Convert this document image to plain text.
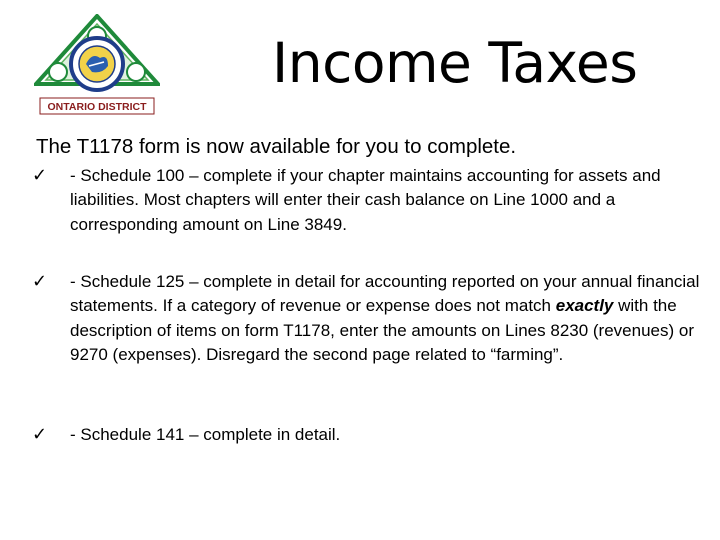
ONTARIO DISTRICT
Income Taxes
The T1178 form is now available for you to complete.
✓	- Schedule 100 – complete if your chapter maintains accounting for assets and liabilities. Most chapters will enter their cash balance on Line 1000 and a corresponding amount on Line 3849.
✓	- Schedule 125 – complete in detail for accounting reported on your annual financial statements. If a category of revenue or expense does not match exactly with the description of items on form T1178, enter the amounts on Lines 8230 (revenues) or 9270 (expenses). Disregard the second page related to “farming”.
✓	- Schedule 141 – complete in detail.
